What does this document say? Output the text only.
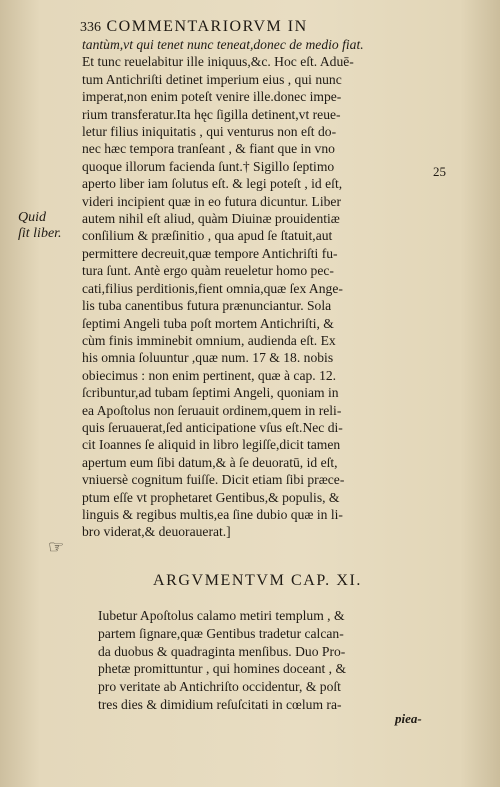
336 COMMENTARIORVM IN
tantùm,vt qui tenet nunc teneat,donec de medio fiat.
Et tunc reuelabitur ille iniquus,&c. Hoc eſt. Aduē-
tum Antichriſti detinet imperium eius , qui nunc
imperat,non enim poteſt venire ille.donec impe-
rium transferatur.Ita hęc ſigilla detinent,vt reue-
letur filius iniquitatis , qui venturus non eſt do-
nec hæc tempora tranſeant , & fiant que in vno
quoque illorum facienda ſunt.† Sigillo ſeptimo
aperto liber iam ſolutus eſt. & legi poteſt , id eſt,
videri incipient quæ in eo futura dicuntur. Liber
autem nihil eſt aliud, quàm Diuinæ prouidentiæ
conſilium & præſinitio , qua apud ſe ſtatuit,aut
permittere decreuit,quæ tempore Antichriſti fu-
tura ſunt. Antè ergo quàm reueletur homo pec-
cati,filius perditionis,fient omnia,quæ ſex Ange-
lis tuba canentibus futura prænunciantur. Sola
ſeptimi Angeli tuba poſt mortem Antichriſti, &
cùm finis imminebit omnium, audienda eſt. Ex
his omnia ſoluuntur ,quæ num. 17 & 18. nobis
obiecimus : non enim pertinent, quæ à cap. 12.
ſcribuntur,ad tubam ſeptimi Angeli, quoniam in
ea Apoſtolus non ſeruauit ordinem,quem in reli-
quis ſeruauerat,ſed anticipatione vſus eſt.Nec di-
cit Ioannes ſe aliquid in libro legiſſe,dicit tamen
apertum eum ſibi datum,& à ſe deuoratū, id eſt,
vniuersè cognitum fuiſſe. Dicit etiam ſibi præce-
ptum eſſe vt prophetaret Gentibus,& populis, &
linguis & regibus multis,ea ſine dubio quæ in li-
bro viderat,& deuorauerat.]
25
Quid
ſit liber.
☞
ARGVMENTVM CAP. XI.
Iubetur Apoſtolus calamo metiri templum , &
partem ſignare,quæ Gentibus tradetur calcan-
da duobus & quadraginta menſibus. Duo Pro-
phetæ promittuntur , qui homines doceant , &
pro veritate ab Antichriſto occidentur, & poſt
tres dies & dimidium reſuſcitati in cœlum ra-
piea-
